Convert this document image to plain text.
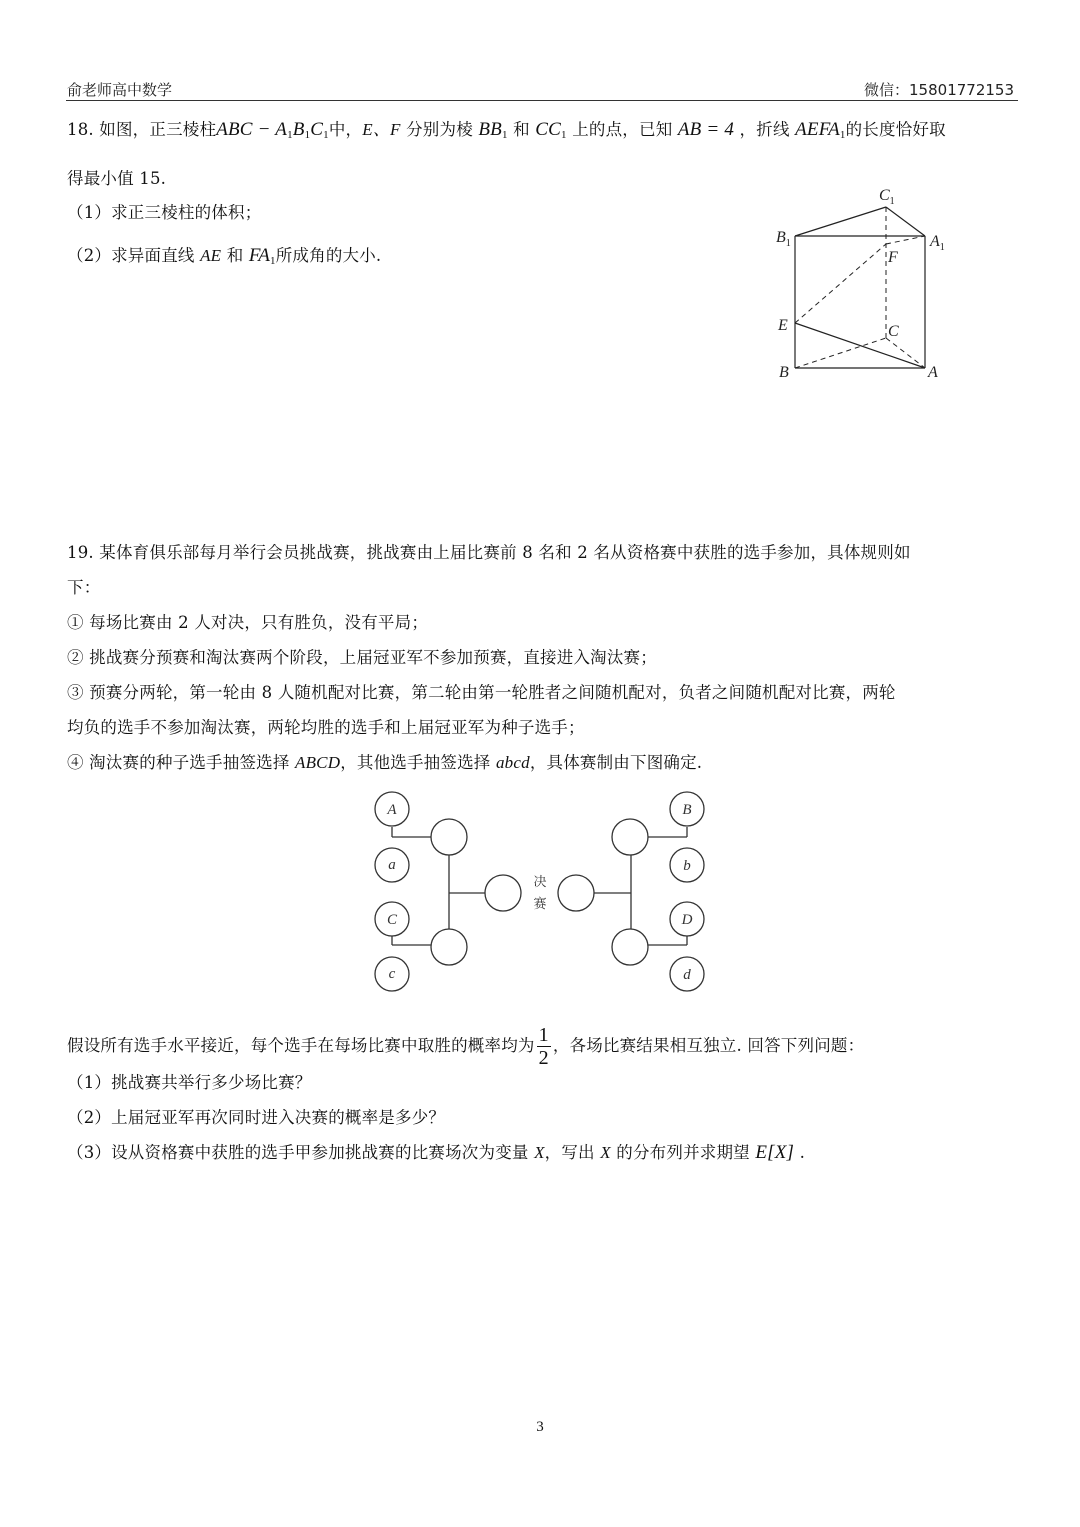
俞老师高中数学	微信：15801772153
18. 如图，正三棱柱ABC − $A_1B_1C_1$中，E、F 分别为棱 $BB_1$ 和 $CC_1$ 上的点，已知 AB = 4 ，折线 $AEFA_1$的长度恰好取
得最小值 15.
（1）求正三棱柱的体积；
（2）求异面直线 AE 和 $FA_1$所成角的大小.
$C_1$
$B_1$	$A_1$
F
E	C
B	A
19. 某体育俱乐部每月举行会员挑战赛，挑战赛由上届比赛前 8 名和 2 名从资格赛中获胜的选手参加，具体规则如
下：
① 每场比赛由 2 人对决，只有胜负，没有平局；
② 挑战赛分预赛和淘汰赛两个阶段，上届冠亚军不参加预赛，直接进入淘汰赛；
③ 预赛分两轮，第一轮由 8 人随机配对比赛，第二轮由第一轮胜者之间随机配对，负者之间随机配对比赛，两轮
均负的选手不参加淘汰赛，两轮均胜的选手和上届冠亚军为种子选手；
④ 淘汰赛的种子选手抽签选择 ABCD，其他选手抽签选择 abcd，具体赛制由下图确定.
A
a
C
c
B
b
D
d
决
赛
假设所有选手水平接近，每个选手在每场比赛中取胜的概率均为 $\frac{1}{2}$ ，各场比赛结果相互独立. 回答下列问题：
（1）挑战赛共举行多少场比赛？
（2）上届冠亚军再次同时进入决赛的概率是多少？
（3）设从资格赛中获胜的选手甲参加挑战赛的比赛场次为变量 X，写出 X 的分布列并求期望 E[X] .
3
